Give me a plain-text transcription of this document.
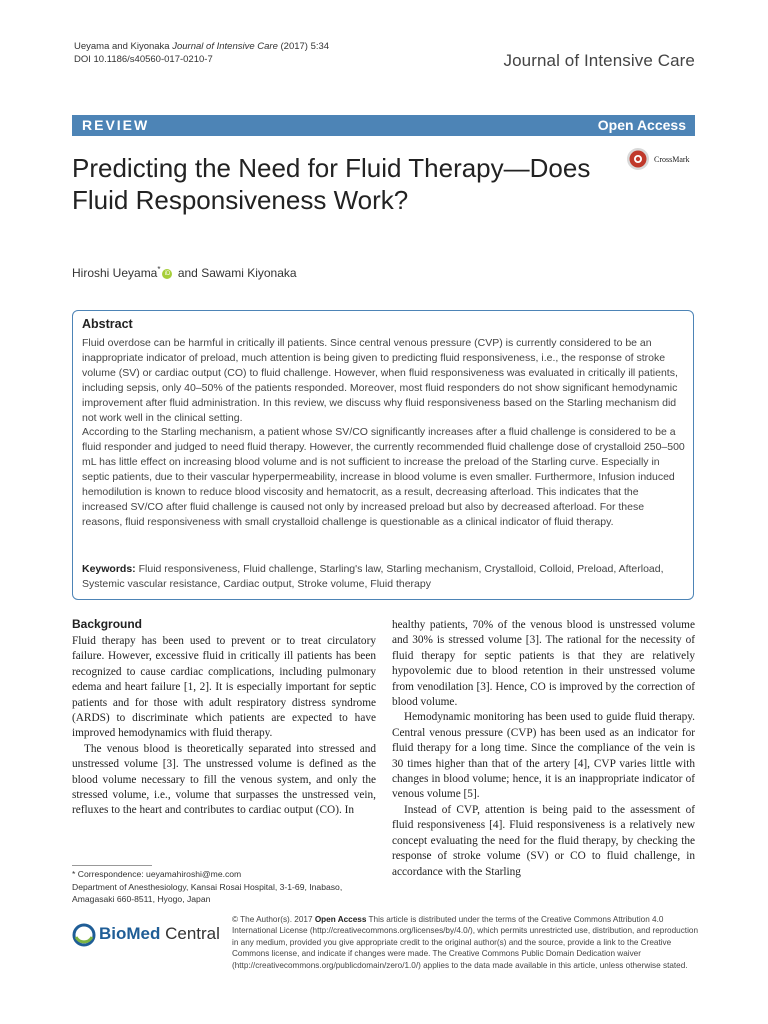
Ueyama and Kiyonaka Journal of Intensive Care (2017) 5:34
DOI 10.1186/s40560-017-0210-7	Journal of Intensive Care
REVIEW	Open Access
Predicting the Need for Fluid Therapy—Does Fluid Responsiveness Work?
CrossMark
Hiroshi Ueyama* iD and Sawami Kiyonaka
Abstract
Fluid overdose can be harmful in critically ill patients. Since central venous pressure (CVP) is currently considered to be an inappropriate indicator of preload, much attention is being given to predicting fluid responsiveness, i.e., the response of stroke volume (SV) or cardiac output (CO) to fluid challenge. However, when fluid responsiveness was evaluated in critically ill patients, including sepsis, only 40–50% of the patients responded. Moreover, most fluid responders do not show significant hemodynamic improvement after fluid administration. In this review, we discuss why fluid responsiveness based on the Starling mechanism did not work well in the clinical setting.
According to the Starling mechanism, a patient whose SV/CO significantly increases after a fluid challenge is considered to be a fluid responder and judged to need fluid therapy. However, the currently recommended fluid challenge dose of crystalloid 250–500 mL has little effect on increasing blood volume and is not sufficient to increase the preload of the Starling curve. Especially in septic patients, due to their vascular hyperpermeability, increase in blood volume is even smaller. Furthermore, Infusion induced hemodilution is known to reduce blood viscosity and hematocrit, as a result, decreasing afterload. This indicates that the increased SV/CO after fluid challenge is caused not only by increased preload but also by decreased afterload. For these reasons, fluid responsiveness with small crystalloid challenge is questionable as a clinical indicator of fluid therapy.
Keywords: Fluid responsiveness, Fluid challenge, Starling's law, Starling mechanism, Crystalloid, Colloid, Preload, Afterload, Systemic vascular resistance, Cardiac output, Stroke volume, Fluid therapy
Background

Fluid therapy has been used to prevent or to treat circulatory failure. However, excessive fluid in critically ill patients has been recognized to cause cardiac complications, including pulmonary edema and heart failure [1, 2]. It is especially important for septic patients and for those with adult respiratory distress syndrome (ARDS) to discriminate which patients are expected to have improved hemodynamics with fluid therapy.

The venous blood is theoretically separated into stressed and unstressed volume [3]. The unstressed volume is defined as the blood volume necessary to fill the venous system, and only the stressed volume, i.e., volume that surpasses the unstressed vein, refluxes to the heart and contributes to cardiac output (CO). In

healthy patients, 70% of the venous blood is unstressed volume and 30% is stressed volume [3]. The rational for the necessity of fluid therapy for septic patients is that they are relatively hypovolemic due to blood retention in their unstressed volume from venodilation [3]. Hence, CO is improved by the correction of blood volume.

Hemodynamic monitoring has been used to guide fluid therapy. Central venous pressure (CVP) has been used as an indicator for fluid therapy for a long time. Since the compliance of the vein is 30 times higher than that of the artery [4], CVP varies little with changes in blood volume; hence, it is an inappropriate indicator of venous volume [5].

Instead of CVP, attention is being paid to the assessment of fluid responsiveness [4]. Fluid responsiveness is a relatively new concept evaluating the need for the fluid therapy, by checking the response of stroke volume (SV) or CO to fluid challenge, in accordance with the Starling

* Correspondence: ueyamahiroshi@me.com
Department of Anesthesiology, Kansai Rosai Hospital, 3-1-69, Inabaso, Amagasaki 660-8511, Hyogo, Japan
BioMed Central
© The Author(s). 2017 Open Access This article is distributed under the terms of the Creative Commons Attribution 4.0 International License (http://creativecommons.org/licenses/by/4.0/), which permits unrestricted use, distribution, and reproduction in any medium, provided you give appropriate credit to the original author(s) and the source, provide a link to the Creative Commons license, and indicate if changes were made. The Creative Commons Public Domain Dedication waiver (http://creativecommons.org/publicdomain/zero/1.0/) applies to the data made available in this article, unless otherwise stated.
